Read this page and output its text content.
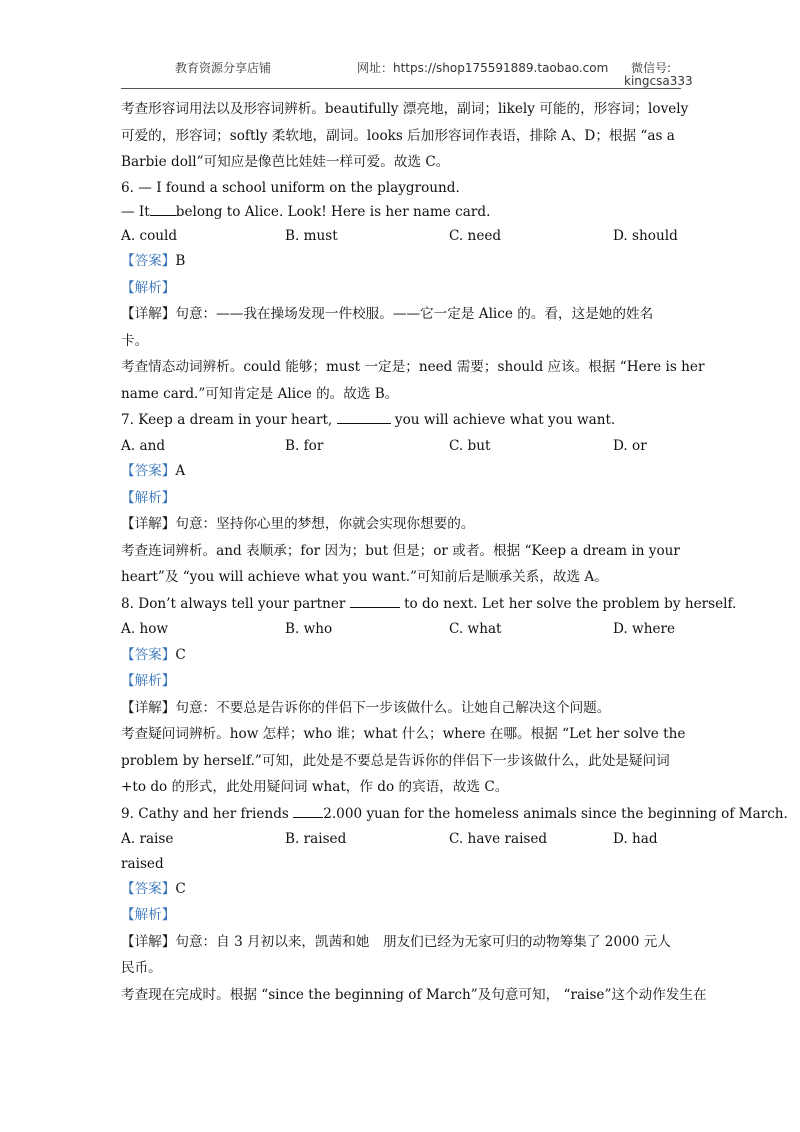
教育资源分享店铺	网址：https://shop175591889.taobao.com 微信号:
kingcsa333

考查形容词用法以及形容词辨析。beautifully 漂亮地，副词；likely 可能的，形容词；lovely

可爱的，形容词；softly 柔软地，副词。looks 后加形容词作表语，排除 A、D；根据 “as a

Barbie doll”可知应是像芭比娃娃一样可爱。故选 C。

6. — I found a school uniform on the playground.

— It belong to Alice. Look! Here is her name card.

A. could	B. must	C. need	D. should

【答案】B

【解析】

【详解】句意：——我在操场发现一件校服。——它一定是 Alice 的。看，这是她的姓名

卡。

考查情态动词辨析。could 能够；must 一定是；need 需要；should 应该。根据 “Here is her

name card.”可知肯定是 Alice 的。故选 B。

7. Keep a dream in your heart,	you will achieve what you want.

A. and	B. for	C. but	D. or

【答案】A

【解析】

【详解】句意：坚持你心里的梦想，你就会实现你想要的。

考查连词辨析。and 表顺承；for 因为；but 但是；or 或者。根据 “Keep a dream in your

heart”及 “you will achieve what you want.”可知前后是顺承关系，故选 A。

8. Don’t always tell your partner	to do next. Let her solve the problem by herself.

A. how	B. who	C. what	D. where

【答案】C

【解析】

【详解】句意：不要总是告诉你的伴侣下一步该做什么。让她自己解决这个问题。

考查疑问词辨析。how 怎样；who 谁；what 什么；where 在哪。根据 “Let her solve the

problem by herself.”可知，此处是不要总是告诉你的伴侣下一步该做什么，此处是疑问词

+to do 的形式，此处用疑问词 what，作 do 的宾语，故选 C。

9. Cathy and her friends	2.000 yuan for the homeless animals since the beginning of March.

A. raise	B. raised	C. have raised	D. had

raised

【答案】C

【解析】

【详解】句意：自 3 月初以来，凯茜和她　朋友们已经为无家可归的动物筹集了 2000 元人

民币。

考查现在完成时。根据 “since the beginning of March”及句意可知， “raise”这个动作发生在
